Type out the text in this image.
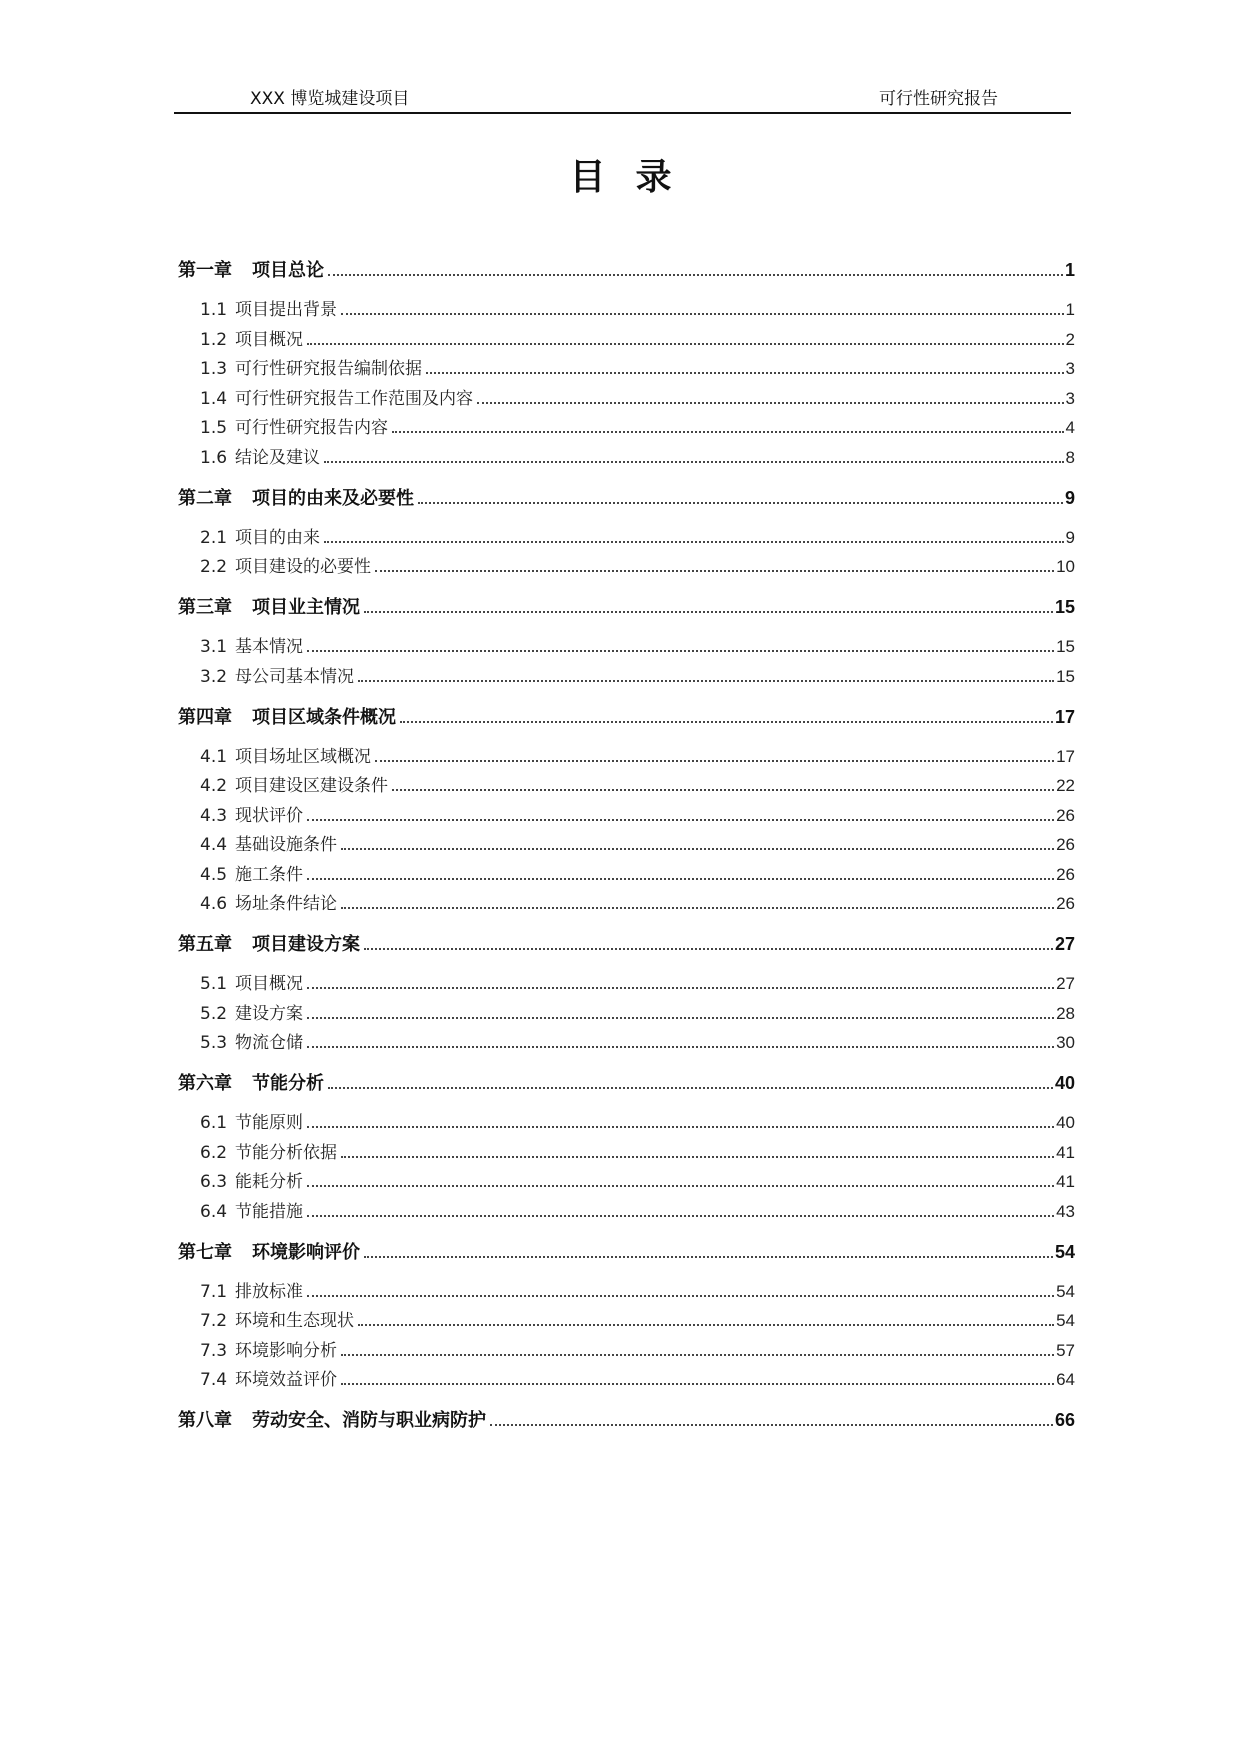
XXX 博览城建设项目	可行性研究报告
目录
第一章 项目总论	1
1.1 项目提出背景	1
1.2 项目概况	2
1.3 可行性研究报告编制依据	3
1.4 可行性研究报告工作范围及内容	3
1.5 可行性研究报告内容	4
1.6 结论及建议	8
第二章 项目的由来及必要性	9
2.1 项目的由来	9
2.2 项目建设的必要性	10
第三章 项目业主情况	15
3.1 基本情况	15
3.2 母公司基本情况	15
第四章 项目区域条件概况	17
4.1 项目场址区域概况	17
4.2 项目建设区建设条件	22
4.3 现状评价	26
4.4 基础设施条件	26
4.5 施工条件	26
4.6 场址条件结论	26
第五章 项目建设方案	27
5.1 项目概况	27
5.2 建设方案	28
5.3 物流仓储	30
第六章 节能分析	40
6.1 节能原则	40
6.2 节能分析依据	41
6.3 能耗分析	41
6.4 节能措施	43
第七章 环境影响评价	54
7.1 排放标准	54
7.2 环境和生态现状	54
7.3 环境影响分析	57
7.4 环境效益评价	64
第八章 劳动安全、消防与职业病防护	66
